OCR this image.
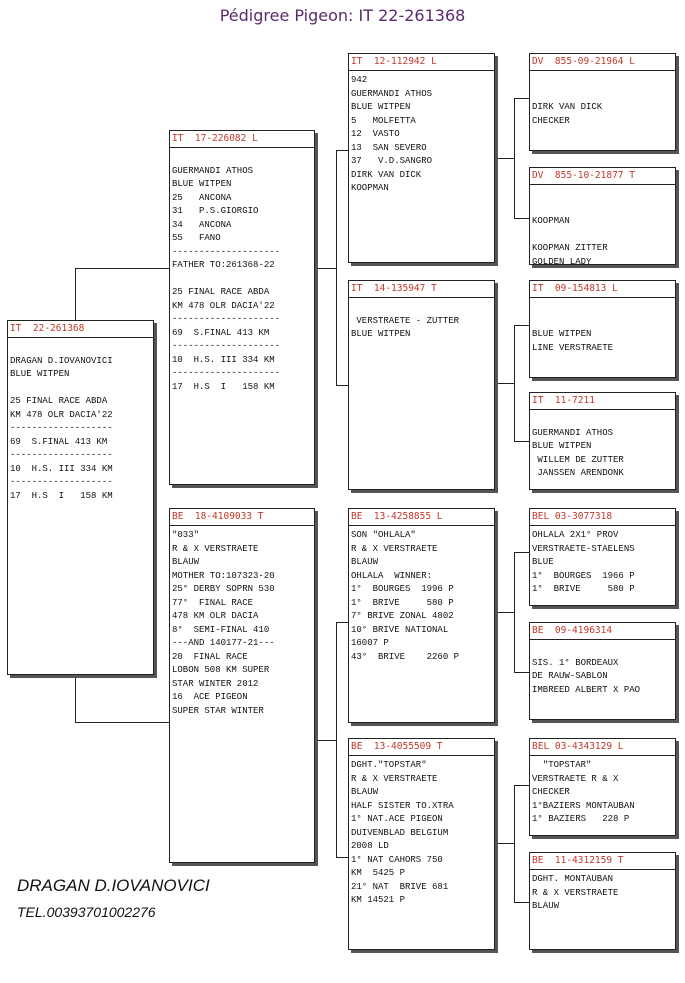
Pédigree Pigeon: IT 22-261368
IT  22-261368

DRAGAN D.IOVANOVICI
BLUE WITPEN

25 FINAL RACE ABDA
KM 478 OLR DACIA'22
-------------------
69  S.FINAL 413 KM
-------------------
10  H.S. III 334 KM
-------------------
17  H.S  I   158 KM
IT  17-226082 L

GUERMANDI ATHOS
BLUE WITPEN
25   ANCONA
31   P.S.GIORGIO
34   ANCONA
55   FANO
--------------------
FATHER TO:261368-22

25 FINAL RACE ABDA
KM 478 OLR DACIA'22
--------------------
69  S.FINAL 413 KM
--------------------
10  H.S. III 334 KM
--------------------
17  H.S  I   158 KM
BE  18-4109033 T
"033"
R & X VERSTRAETE
BLAUW
MOTHER TO:107323-20
25° DERBY SOPRN 530
77°  FINAL RACE
478 KM OLR DACIA
8°  SEMI-FINAL 410
---AND 140177-21---
20  FINAL RACE
LOBON 508 KM SUPER
STAR WINTER 2012
16  ACE PIGEON
SUPER STAR WINTER
IT  12-112942 L
942
GUERMANDI ATHOS
BLUE WITPEN
5   MOLFETTA
12  VASTO
13  SAN SEVERO
37   V.D.SANGRO
DIRK VAN DICK
KOOPMAN
IT  14-135947 T

VERSTRAETE - ZUTTER
BLUE WITPEN
BE  13-4258855 L
SON "OHLALA"
R & X VERSTRAETE
BLAUW
OHLALA  WINNER:
1°  BOURGES  1996 P
1°  BRIVE     580 P
7° BRIVE ZONAL 4802
10° BRIVE NATIONAL
16007 P
43°  BRIVE    2260 P
BE  13-4055509 T
DGHT."TOPSTAR"
R & X VERSTRAETE
BLAUW
HALF SISTER TO.XTRA
1° NAT.ACE PIGEON
DUIVENBLAD BELGIUM
2008 LD
1° NAT CAHORS 750
KM  5425 P
21° NAT  BRIVE 681
KM 14521 P
DV  855-09-21964 L

DIRK VAN DICK
CHECKER
DV  855-10-21877 T

KOOPMAN

KOOPMAN ZITTER
GOLDEN LADY
IT  09-154813 L

BLUE WITPEN
LINE VERSTRAETE
IT  11-7211

GUERMANDI ATHOS
BLUE WITPEN
WILLEM DE ZUTTER
JANSSEN ARENDONK
BEL 03-3077318
OHLALA 2X1° PROV
VERSTRAETE-STAELENS
BLUE
1°  BOURGES  1966 P
1°  BRIVE     580 P
BE  09-4196314

SIS. 1° BORDEAUX
DE RAUW-SABLON
IMBREED ALBERT X PAO
BEL 03-4343129 L
"TOPSTAR"
VERSTRAETE R & X
CHECKER
1°BAZIERS MONTAUBAN
1° BAZIERS   228 P
BE  11-4312159 T
DGHT. MONTAUBAN
R & X VERSTRAETE
BLAUW
DRAGAN D.IOVANOVICI
TEL.00393701002276
